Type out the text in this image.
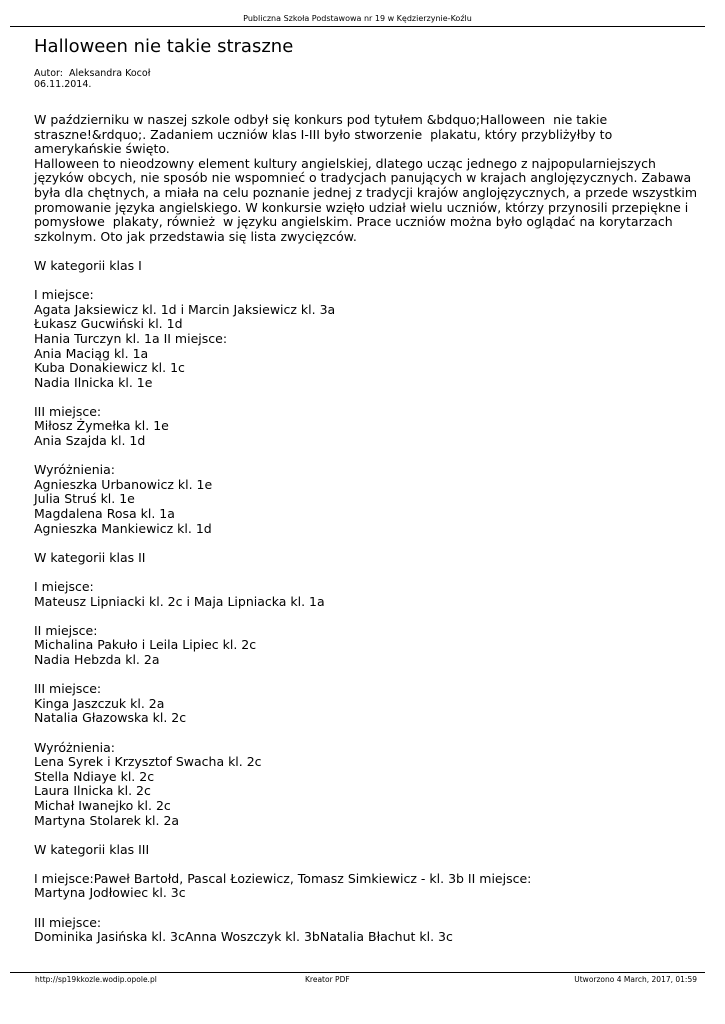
Publiczna Szkoła Podstawowa nr 19 w Kędzierzynie-Koźlu
Halloween nie takie straszne
Autor:  Aleksandra Kocoł
06.11.2014.
W październiku w naszej szkole odbył się konkurs pod tytułem &bdquo;Halloween  nie takie
straszne!&rdquo;. Zadaniem uczniów klas I-III było stworzenie  plakatu, który przybliżyłby to
amerykańskie święto.
Halloween to nieodzowny element kultury angielskiej, dlatego ucząc jednego z najpopularniejszych
języków obcych, nie sposób nie wspomnieć o tradycjach panujących w krajach anglojęzycznych. Zabawa
była dla chętnych, a miała na celu poznanie jednej z tradycji krajów anglojęzycznych, a przede wszystkim
promowanie języka angielskiego. W konkursie wzięło udział wielu uczniów, którzy przynosili przepiękne i
pomysłowe  plakaty, również  w języku angielskim. Prace uczniów można było oglądać na korytarzach
szkolnym. Oto jak przedstawia się lista zwycięzców.
W kategorii klas I
I miejsce:
Agata Jaksiewicz kl. 1d i Marcin Jaksiewicz kl. 3a
Łukasz Gucwiński kl. 1d
Hania Turczyn kl. 1a II miejsce:
Ania Maciąg kl. 1a
Kuba Donakiewicz kl. 1c
Nadia Ilnicka kl. 1e
III miejsce:
Miłosz Żymełka kl. 1e
Ania Szajda kl. 1d
Wyróżnienia:
Agnieszka Urbanowicz kl. 1e
Julia Struś kl. 1e
Magdalena Rosa kl. 1a
Agnieszka Mankiewicz kl. 1d
W kategorii klas II
I miejsce:
Mateusz Lipniacki kl. 2c i Maja Lipniacka kl. 1a
II miejsce:
Michalina Pakuło i Leila Lipiec kl. 2c
Nadia Hebzda kl. 2a
III miejsce:
Kinga Jaszczuk kl. 2a
Natalia Głazowska kl. 2c
Wyróżnienia:
Lena Syrek i Krzysztof Swacha kl. 2c
Stella Ndiaye kl. 2c
Laura Ilnicka kl. 2c
Michał Iwanejko kl. 2c
Martyna Stolarek kl. 2a
W kategorii klas III
I miejsce:Paweł Bartołd, Pascal Łoziewicz, Tomasz Simkiewicz - kl. 3b II miejsce:
Martyna Jodłowiec kl. 3c
III miejsce:
Dominika Jasińska kl. 3cAnna Woszczyk kl. 3bNatalia Błachut kl. 3c
http://sp19kkozle.wodip.opole.pl	Kreator PDF	Utworzono 4 March, 2017, 01:59
